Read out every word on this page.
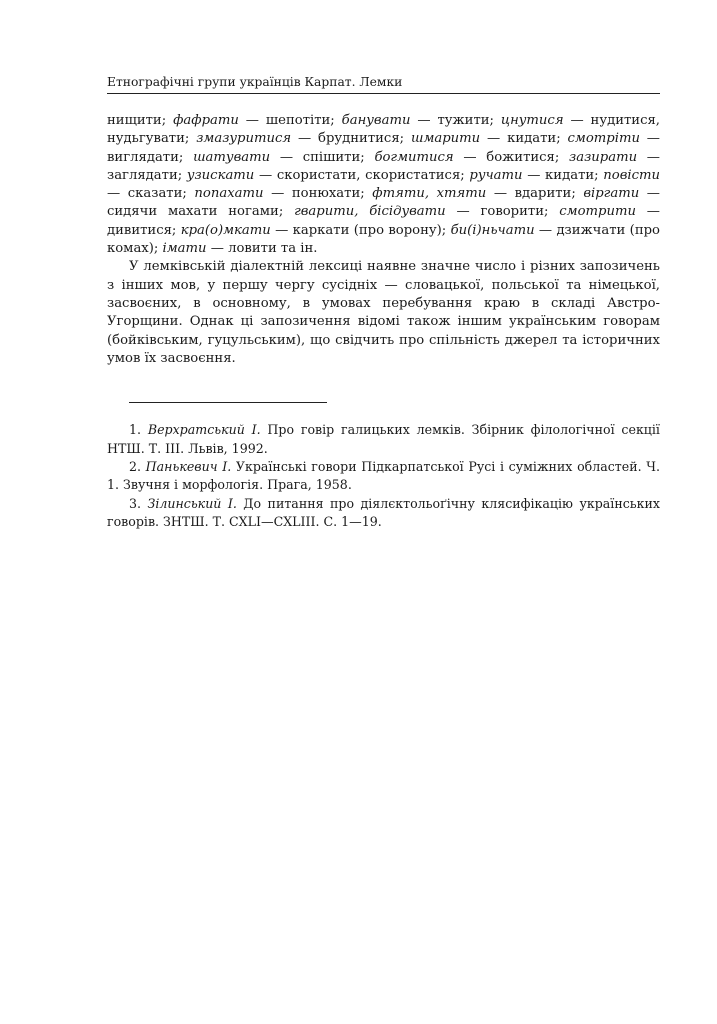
Етнографічні групи українців Карпат. Лемки

нищити; фафрати — шепотіти; банувати — тужити; цнутися — нудитися, нудьгувати; змазуритися — бруднитися; шмарити — кидати; смотріти — виглядати; шатувати — спішити; богмитися — божитися; зазирати — заглядати; узискати — скористати, скористатися; ручати — кидати; повісти — сказати; попахати — понюхати; фтяти, хтяти — вдарити; віргати — сидячи махати ногами; гварити, бісідувати — говорити; смотрити — дивитися; кра(о)мкати — каркати (про ворону); би(і)ньчати — дзижчати (про комах); імати — ловити та ін.

У лемківській діалектній лексиці наявне значне число і різних запозичень з інших мов, у першу чергу сусідніх — словацької, польської та німецької, засвоєних, в основному, в умовах перебування краю в складі Австро-Угорщини. Однак ці запозичення відомі також іншим українським говорам (бойківським, гуцульським), що свідчить про спільність джерел та історичних умов їх засвоєння.

1. Верхратський І. Про говір галицьких лемків. Збірник філологічної секції НТШ. Т. ІІІ. Львів, 1992.

2. Панькевич І. Українські говори Підкарпатської Русі і суміжних областей. Ч. 1. Звучня і морфологія. Прага, 1958.

3. Зілинський І. До питання про діялєктольоґічну клясифікацію українських говорів. ЗНТШ. Т. CXLI—CXLIII. С. 1—19.
